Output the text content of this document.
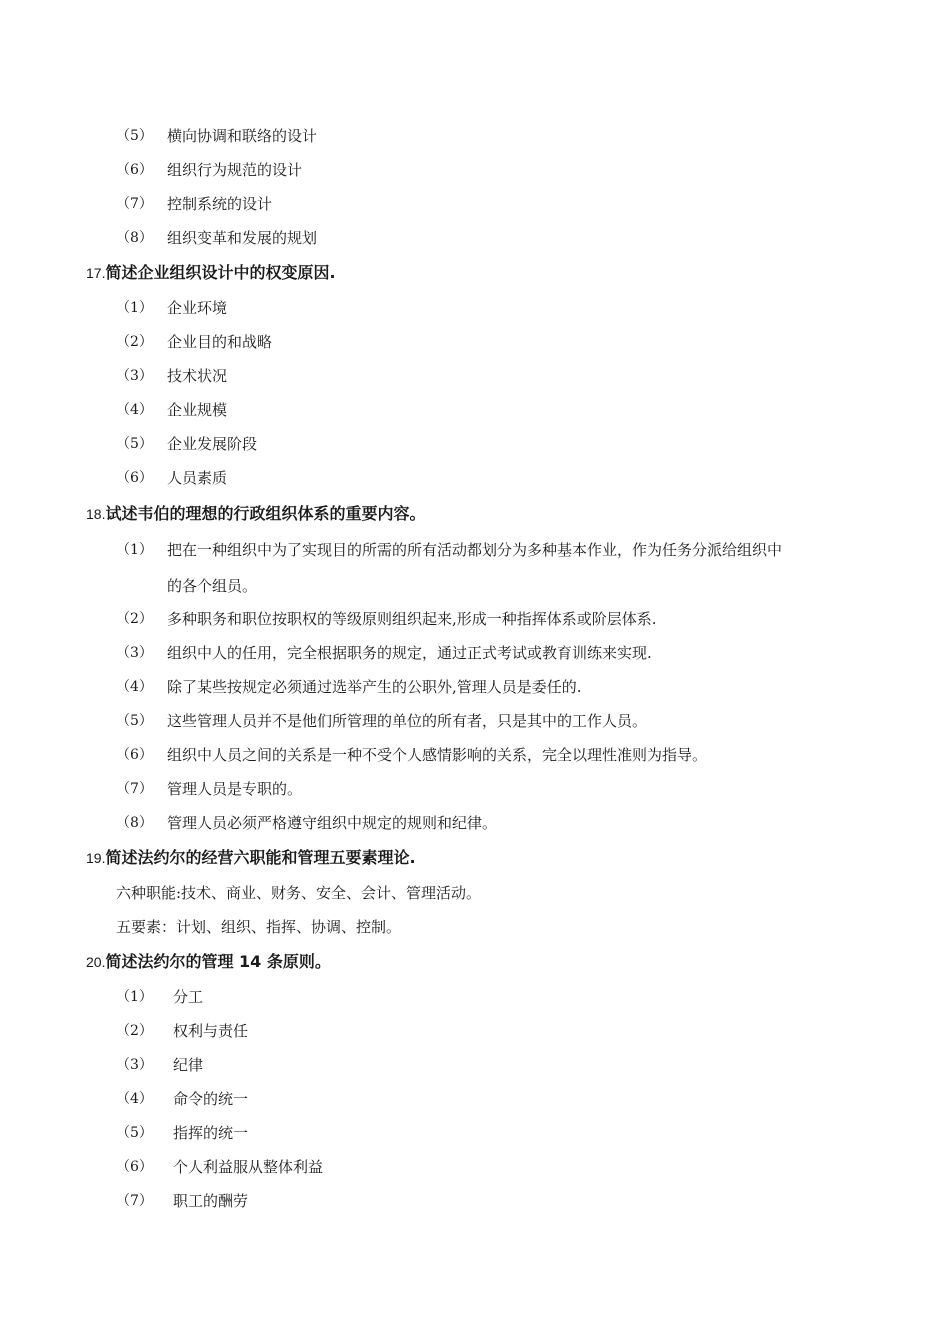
（5） 横向协调和联络的设计
（6） 组织行为规范的设计
（7） 控制系统的设计
（8） 组织变革和发展的规划
17.简述企业组织设计中的权变原因.
（1） 企业环境
（2） 企业目的和战略
（3） 技术状况
（4） 企业规模
（5） 企业发展阶段
（6） 人员素质
18.试述韦伯的理想的行政组织体系的重要内容。
（1） 把在一种组织中为了实现目的所需的所有活动都划分为多种基本作业，作为任务分派给组织中
的各个组员。
（2） 多种职务和职位按职权的等级原则组织起来,形成一种指挥体系或阶层体系.
（3） 组织中人的任用，完全根据职务的规定，通过正式考试或教育训练来实现.
（4） 除了某些按规定必须通过选举产生的公职外,管理人员是委任的.
（5） 这些管理人员并不是他们所管理的单位的所有者，只是其中的工作人员。
（6） 组织中人员之间的关系是一种不受个人感情影响的关系，完全以理性准则为指导。
（7） 管理人员是专职的。
（8） 管理人员必须严格遵守组织中规定的规则和纪律。
19.简述法约尔的经营六职能和管理五要素理论.
六种职能:技术、商业、财务、安全、会计、管理活动。
五要素：计划、组织、指挥、协调、控制。
20.简述法约尔的管理 14 条原则。
（1） 分工
（2） 权利与责任
（3） 纪律
（4） 命令的统一
（5） 指挥的统一
（6） 个人利益服从整体利益
（7） 职工的酬劳
